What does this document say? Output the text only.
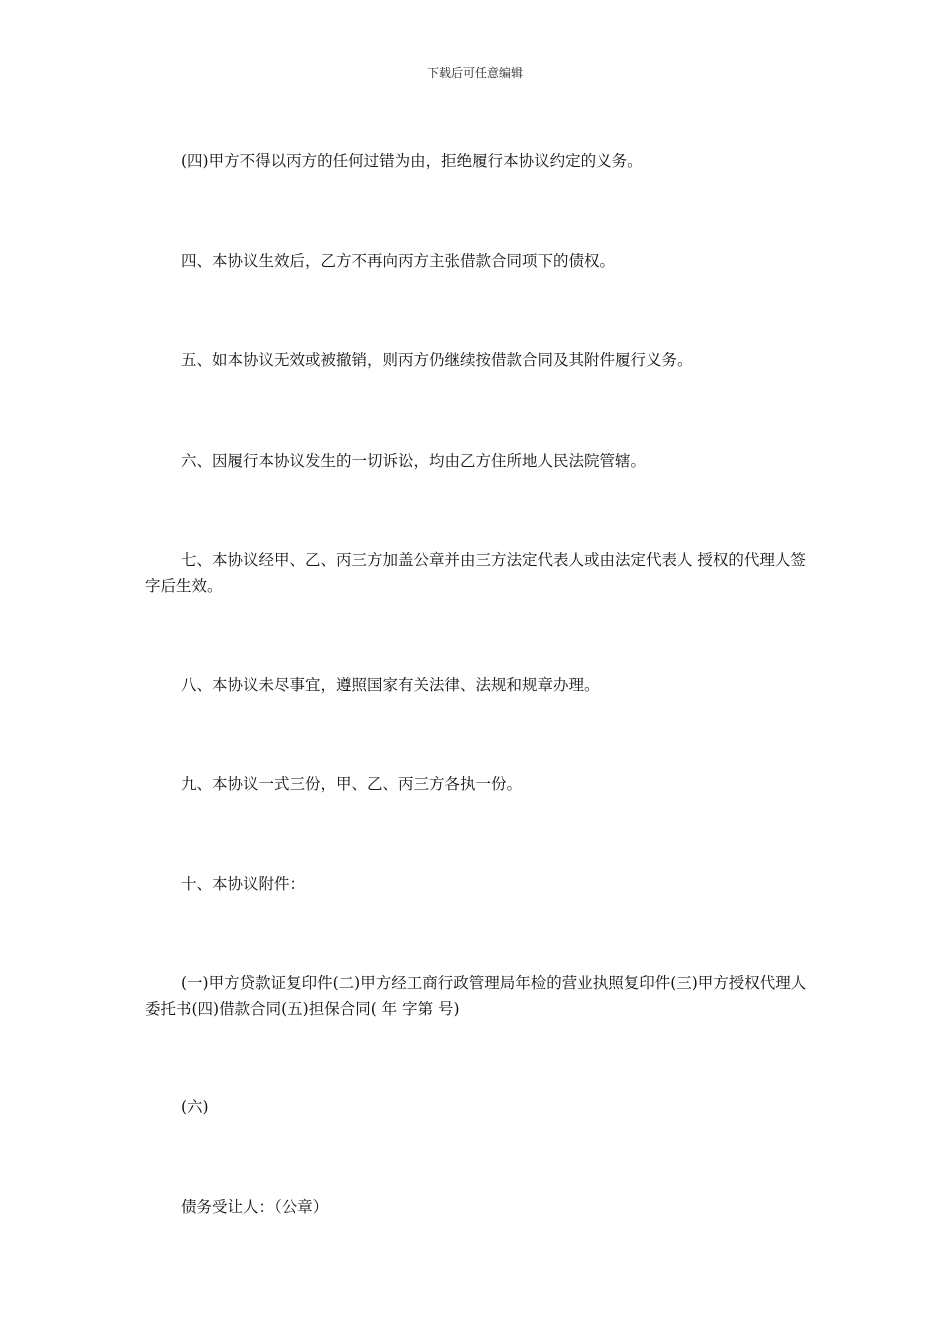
下载后可任意编辑
(四)甲方不得以丙方的任何过错为由，拒绝履行本协议约定的义务。
四、本协议生效后，乙方不再向丙方主张借款合同项下的债权。
五、如本协议无效或被撤销，则丙方仍继续按借款合同及其附件履行义务。
六、因履行本协议发生的一切诉讼，均由乙方住所地人民法院管辖。
七、本协议经甲、乙、丙三方加盖公章并由三方法定代表人或由法定代表人 授权的代理人签字后生效。
八、本协议未尽事宜，遵照国家有关法律、法规和规章办理。
九、本协议一式三份，甲、乙、丙三方各执一份。
十、本协议附件：
(一)甲方贷款证复印件(二)甲方经工商行政管理局年检的营业执照复印件(三)甲方授权代理人委托书(四)借款合同(五)担保合同( 年 字第 号)
(六)
债务受让人：（公章）
